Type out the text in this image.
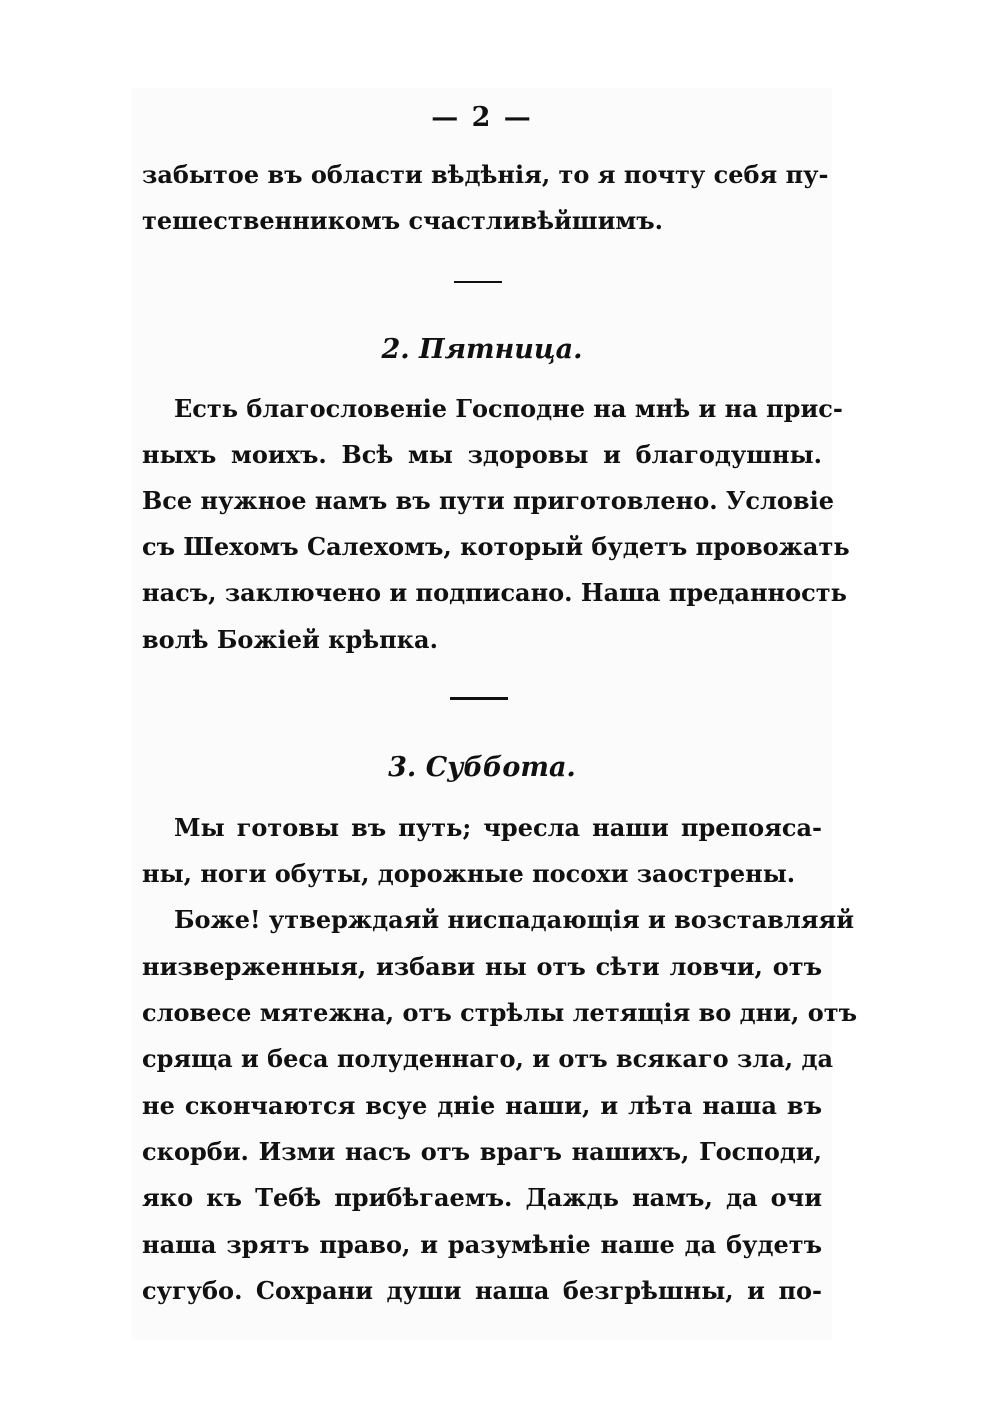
— 2 —
забытое въ области вѣдѣнія, то я почту себя пу-
тешественникомъ счастливѣйшимъ.
2. Пятница.
Есть благословеніе Господне на мнѣ и на прис-
ныхъ моихъ. Всѣ мы здоровы и благодушны.
Все нужное намъ въ пути приготовлено. Условіе
съ Шехомъ Салехомъ, который будетъ провожать
насъ, заключено и подписано. Наша преданность
волѣ Божіей крѣпка.
3. Суббота.
Мы готовы въ путь; чресла наши препояса-
ны, ноги обуты, дорожные посохи заострены.
Боже! утверждаяй ниспадающія и возставляяй
низверженныя, избави ны отъ сѣти ловчи, отъ
словесе мятежна, отъ стрѣлы летящія во дни, отъ
сряща и беса полуденнаго, и отъ всякаго зла, да
не скончаются всуе дніе наши, и лѣта наша въ
скорби. Изми насъ отъ врагъ нашихъ, Господи,
яко къ Тебѣ прибѣгаемъ. Даждь намъ, да очи
наша зрятъ право, и разумѣніе наше да будетъ
сугубо. Сохрани души наша безгрѣшны, и по-
